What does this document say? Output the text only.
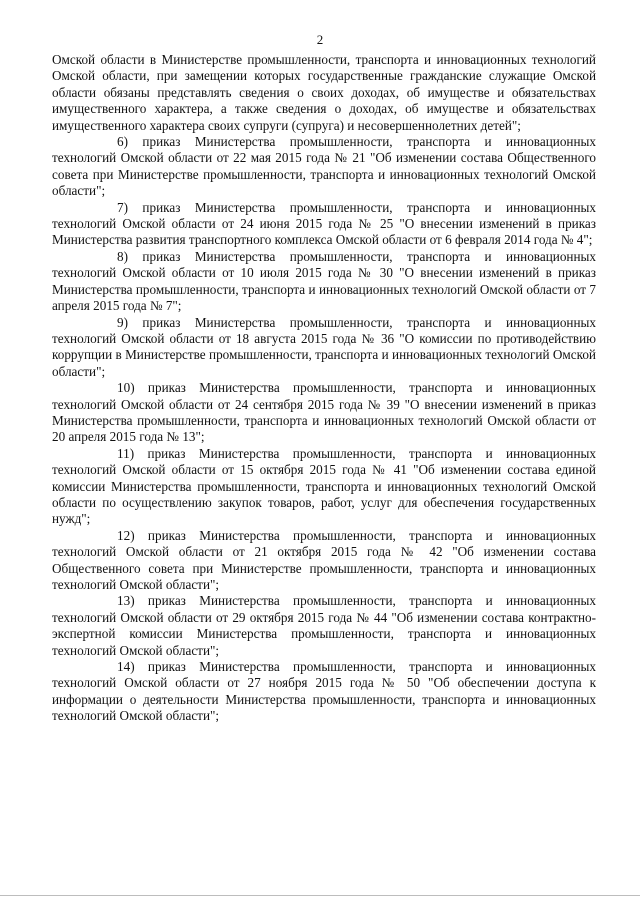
2

Омской области в Министерстве промышленности, транспорта и инновационных технологий Омской области, при замещении которых государственные гражданские служащие Омской области обязаны представлять сведения о своих доходах, об имуществе и обязательствах имущественного характера, а также сведения о доходах, об имуществе и обязательствах имущественного характера своих супруги (супруга) и несовершеннолетних детей";

6) приказ Министерства промышленности, транспорта и инновационных технологий Омской области от 22 мая 2015 года № 21 "Об изменении состава Общественного совета при Министерстве промышленности, транспорта и инновационных технологий Омской области";

7) приказ Министерства промышленности, транспорта и инновационных технологий Омской области от 24 июня 2015 года № 25 "О внесении изменений в приказ Министерства развития транспортного комплекса Омской области от 6 февраля 2014 года № 4";

8) приказ Министерства промышленности, транспорта и инновационных технологий Омской области от 10 июля 2015 года № 30 "О внесении изменений в приказ Министерства промышленности, транспорта и инновационных технологий Омской области от 7 апреля 2015 года № 7";

9) приказ Министерства промышленности, транспорта и инновационных технологий Омской области от 18 августа 2015 года № 36 "О комиссии по противодействию коррупции в Министерстве промышленности, транспорта и инновационных технологий Омской области";

10) приказ Министерства промышленности, транспорта и инновационных технологий Омской области от 24 сентября 2015 года № 39 "О внесении изменений в приказ Министерства промышленности, транспорта и инновационных технологий Омской области от 20 апреля 2015 года № 13";

11) приказ Министерства промышленности, транспорта и инновационных технологий Омской области от 15 октября 2015 года № 41 "Об изменении состава единой комиссии Министерства промышленности, транспорта и инновационных технологий Омской области по осуществлению закупок товаров, работ, услуг для обеспечения государственных нужд";

12) приказ Министерства промышленности, транспорта и инновационных технологий Омской области от 21 октября 2015 года № 42 "Об изменении состава Общественного совета при Министерстве промышленности, транспорта и инновационных технологий Омской области";

13) приказ Министерства промышленности, транспорта и инновационных технологий Омской области от 29 октября 2015 года № 44 "Об изменении состава контрактно-экспертной комиссии Министерства промышленности, транспорта и инновационных технологий Омской области";

14) приказ Министерства промышленности, транспорта и инновационных технологий Омской области от 27 ноября 2015 года № 50 "Об обеспечении доступа к информации о деятельности Министерства промышленности, транспорта и инновационных технологий Омской области";
